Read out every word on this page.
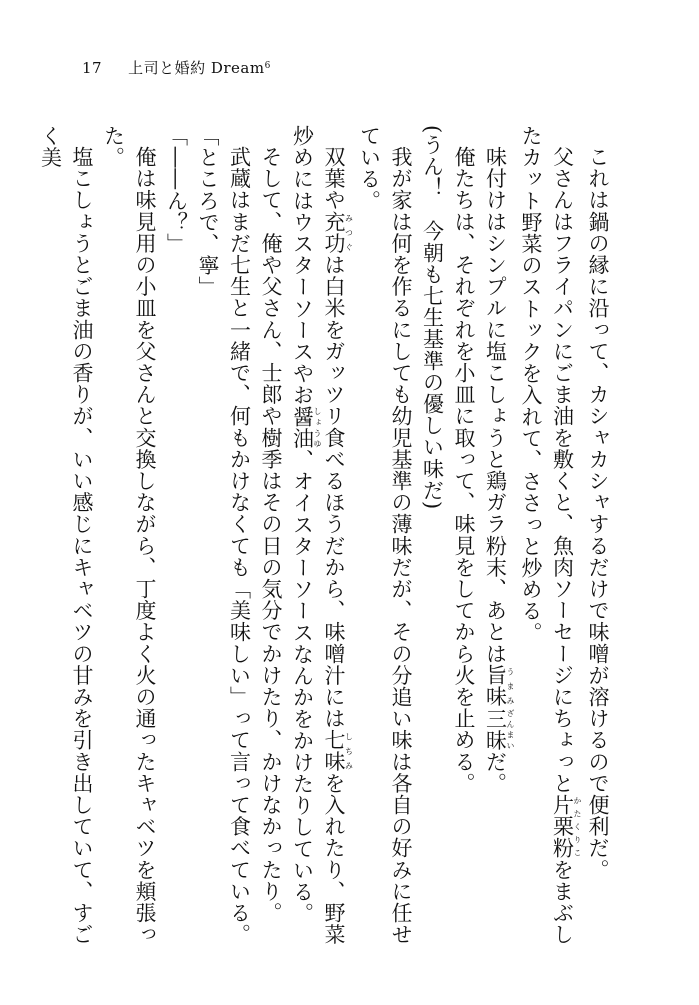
17 上司と婚約 Dream$^6$

これは鍋の縁に沿って、カシャカシャするだけで味噌が溶けるので便利だ。

父さんはフライパンにごま油を敷くと、魚肉ソーセージにちょっと片栗粉かたくりこをまぶしたカット野菜のストックを入れて、ささっと炒める。

味付けはシンプルに塩こしょうと鶏ガラ粉末、あとは旨味うまみ三昧ざんまいだ。

俺たちは、それぞれを小皿に取って、味見をしてから火を止める。

(うん！　今朝も七生基準の優しい味だ)

我が家は何を作るにしても幼児基準の薄味だが、その分追い味は各自の好みに任せている。

双葉や充功みつぐは白米をガッツリ食べるほうだから、味噌汁には七味しちみを入れたり、野菜炒めにはウスターソースやお醤油しょうゆ、オイスターソースなんかをかけたりしている。

そして、俺や父さん、士郎や樹季はその日の気分でかけたり、かけなかったり。

武蔵はまだ七生と一緒で、何もかけなくても「美味しい」って言って食べている。

「ところで、寧」

「――ん？」

俺は味見用の小皿を父さんと交換しながら、丁度よく火の通ったキャベツを頬張った。

塩こしょうとごま油の香りが、いい感じにキャベツの甘みを引き出していて、すごく美
